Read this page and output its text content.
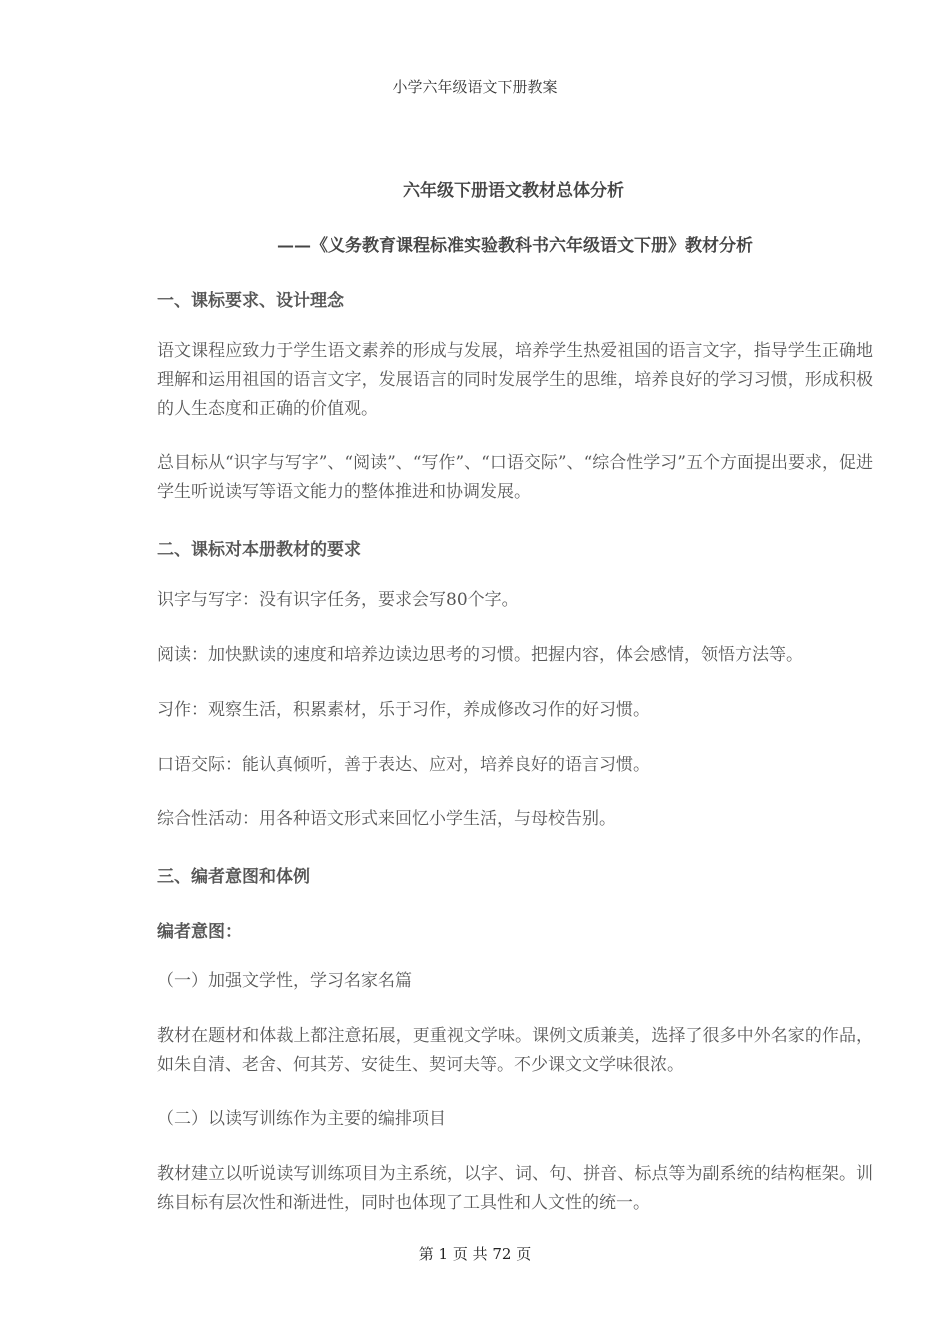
小学六年级语文下册教案
六年级下册语文教材总体分析
——《义务教育课程标准实验教科书六年级语文下册》教材分析
一、课标要求、设计理念
语文课程应致力于学生语文素养的形成与发展，培养学生热爱祖国的语言文字，指导学生正确地理解和运用祖国的语言文字，发展语言的同时发展学生的思维，培养良好的学习习惯，形成积极的人生态度和正确的价值观。
总目标从“识字与写字”、“阅读”、“写作”、“口语交际”、“综合性学习”五个方面提出要求，促进学生听说读写等语文能力的整体推进和协调发展。
二、课标对本册教材的要求
识字与写字：没有识字任务，要求会写80个字。
阅读：加快默读的速度和培养边读边思考的习惯。把握内容，体会感情，领悟方法等。
习作：观察生活，积累素材，乐于习作，养成修改习作的好习惯。
口语交际：能认真倾听，善于表达、应对，培养良好的语言习惯。
综合性活动：用各种语文形式来回忆小学生活，与母校告别。
三、编者意图和体例
编者意图：
（一）加强文学性，学习名家名篇
教材在题材和体裁上都注意拓展，更重视文学味。课例文质兼美，选择了很多中外名家的作品，如朱自清、老舍、何其芳、安徒生、契诃夫等。不少课文文学味很浓。
（二）以读写训练作为主要的编排项目
教材建立以听说读写训练项目为主系统，以字、词、句、拼音、标点等为副系统的结构框架。训练目标有层次性和渐进性，同时也体现了工具性和人文性的统一。
第 1 页 共 72 页
